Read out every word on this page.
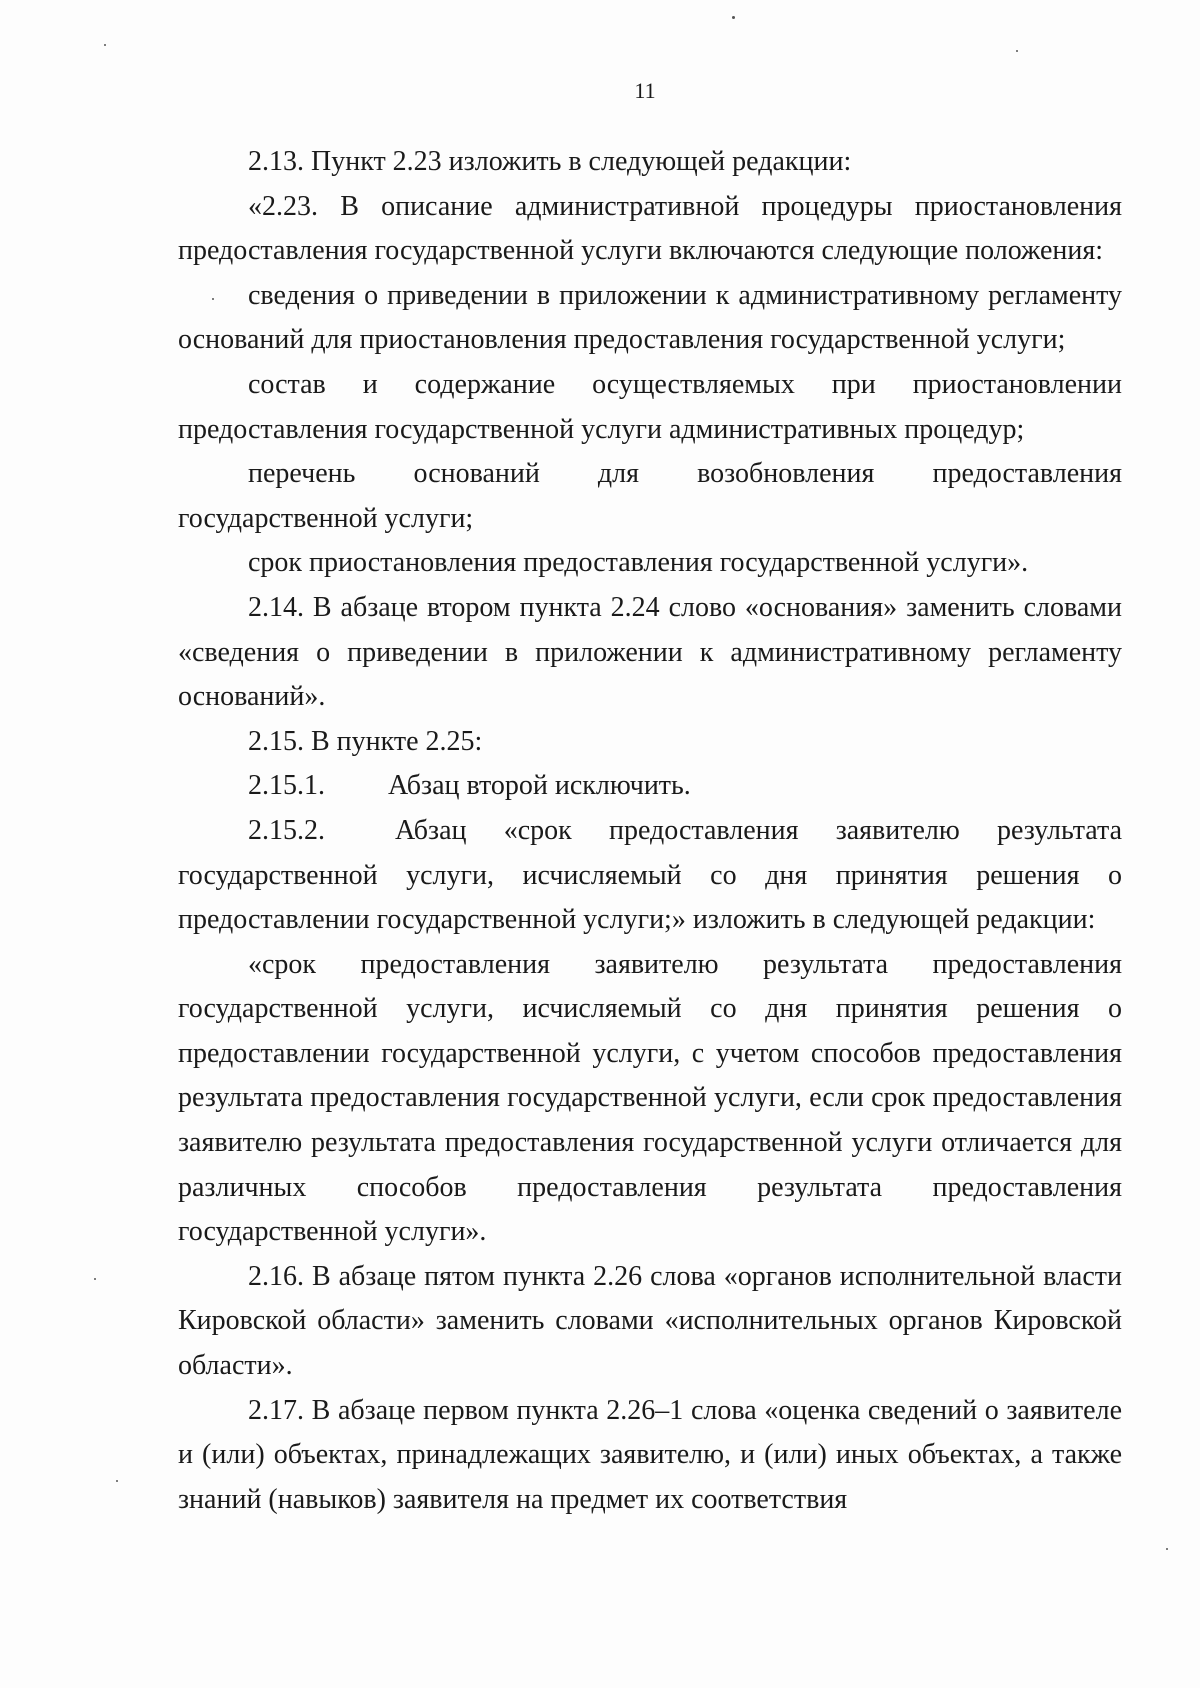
11

2.13. Пункт 2.23 изложить в следующей редакции:

«2.23. В описание административной процедуры приостановления предоставления государственной услуги включаются следующие положения:

сведения о приведении в приложении к административному регламенту оснований для приостановления предоставления государственной услуги;

состав и содержание осуществляемых при приостановлении предоставления государственной услуги административных процедур;

перечень оснований для возобновления предоставления государственной услуги;

срок приостановления предоставления государственной услуги».

2.14. В абзаце втором пункта 2.24 слово «основания» заменить словами «сведения о приведении в приложении к административному регламенту оснований».

2.15. В пункте 2.25:

2.15.1.	Абзац второй исключить.

2.15.2.	Абзац «срок предоставления заявителю результата государственной услуги, исчисляемый со дня принятия решения о предоставлении государственной услуги;» изложить в следующей редакции:

«срок предоставления заявителю результата предоставления государственной услуги, исчисляемый со дня принятия решения о предоставлении государственной услуги, с учетом способов предоставления результата предоставления государственной услуги, если срок предоставления заявителю результата предоставления государственной услуги отличается для различных способов предоставления результата предоставления государственной услуги».

2.16. В абзаце пятом пункта 2.26 слова «органов исполнительной власти Кировской области» заменить словами «исполнительных органов Кировской области».

2.17. В абзаце первом пункта 2.26–1 слова «оценка сведений о заявителе и (или) объектах, принадлежащих заявителю, и (или) иных объектах, а также знаний (навыков) заявителя на предмет их соответствия
